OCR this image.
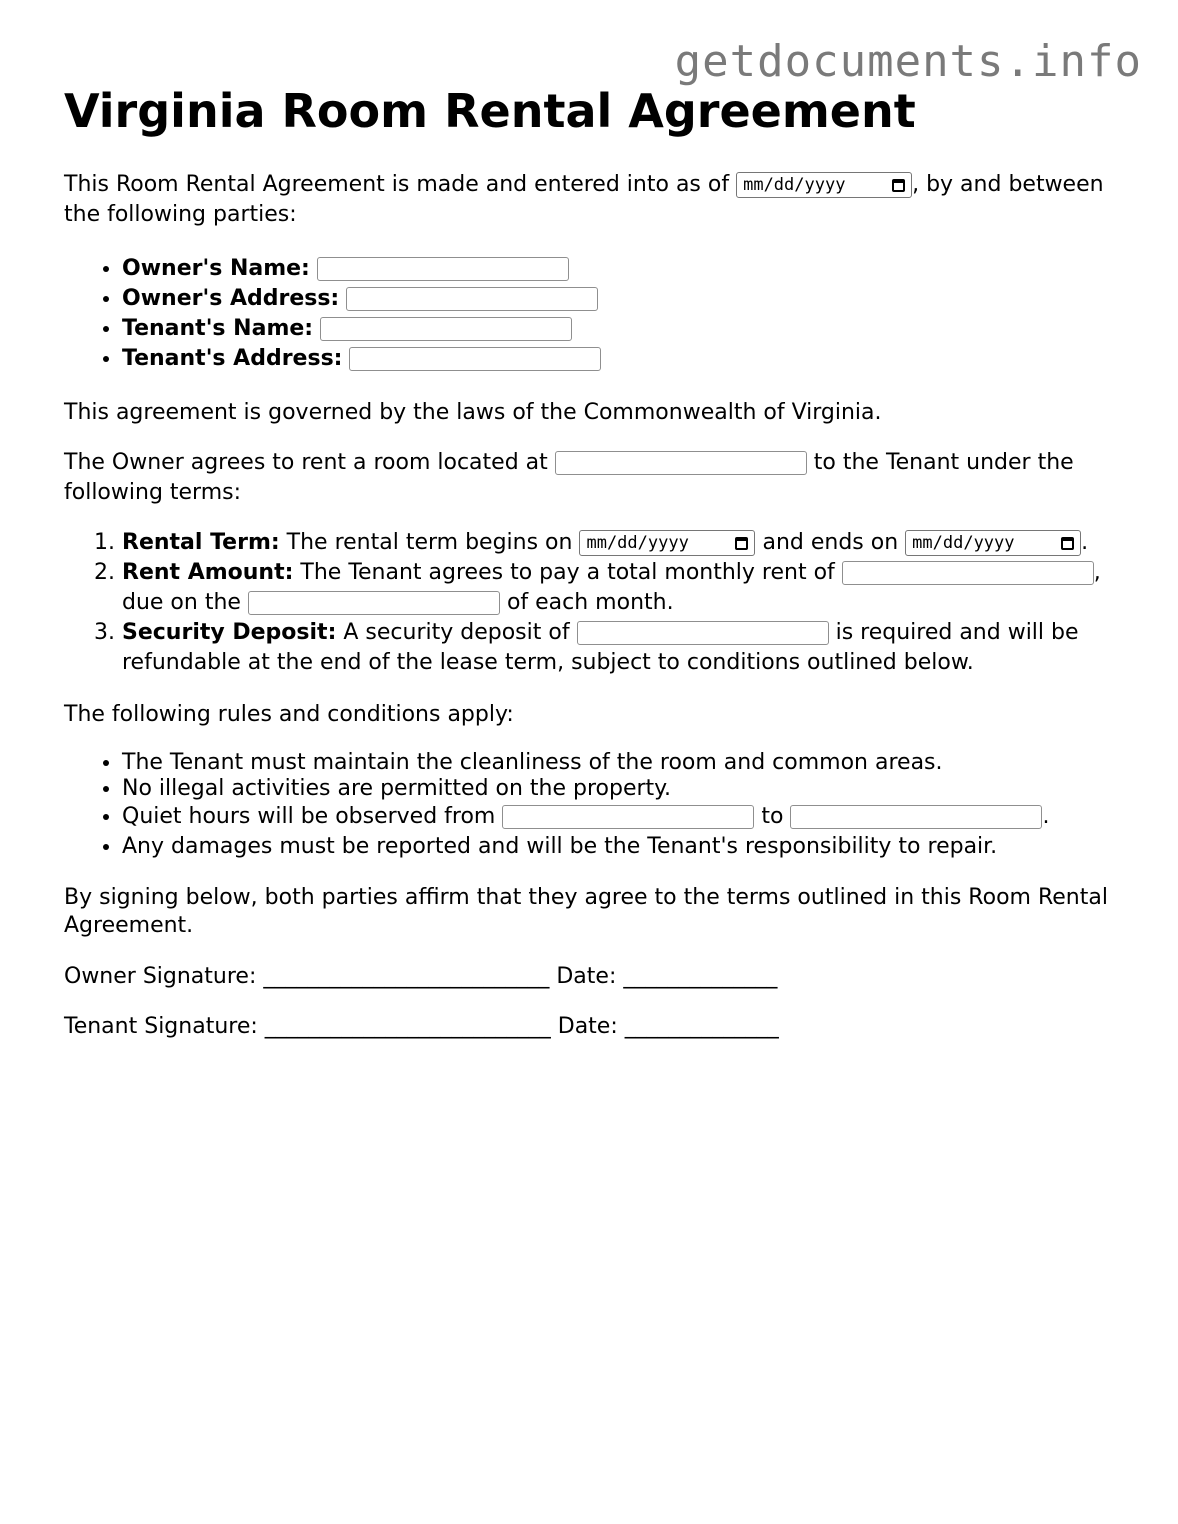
getdocuments.info
Virginia Room Rental Agreement

This Room Rental Agreement is made and entered into as of mm/dd/yyyy	, by and between the following parties:

• Owner's Name:
• Owner's Address:
• Tenant's Name:
• Tenant's Address:

This agreement is governed by the laws of the Commonwealth of Virginia.

The Owner agrees to rent a room located at	to the Tenant under the following terms:

1. Rental Term: The rental term begins on mm/dd/yyyy	and ends on mm/dd/yyyy	.
2. Rent Amount: The Tenant agrees to pay a total monthly rent of	, due on the	of each month.
3. Security Deposit: A security deposit of	is required and will be refundable at the end of the lease term, subject to conditions outlined below.

The following rules and conditions apply:

• The Tenant must maintain the cleanliness of the room and common areas.
• No illegal activities are permitted on the property.
• Quiet hours will be observed from	to	.
• Any damages must be reported and will be the Tenant's responsibility to repair.

By signing below, both parties affirm that they agree to the terms outlined in this Room Rental Agreement.

Owner Signature: __________________________ Date: ______________

Tenant Signature: __________________________ Date: ______________
